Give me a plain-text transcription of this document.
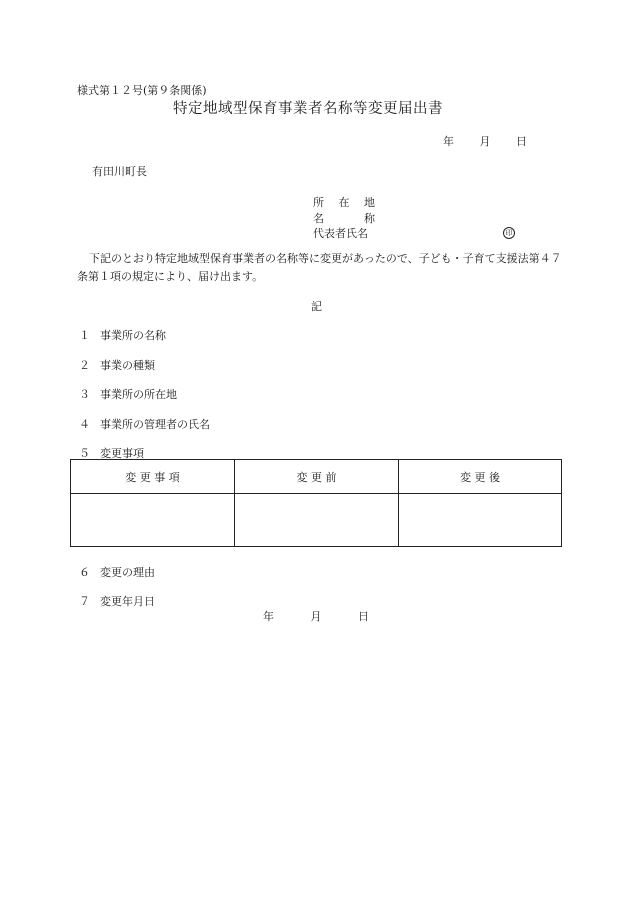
様式第１２号(第９条関係)
特定地域型保育事業者名称等変更届出書
年 月 日
有田川町長
所 在 地
名	称
代表者氏名	印
下記のとおり特定地域型保育事業者の名称等に変更があったので、子ども・子育て支援法第４７条第１項の規定により、届け出ます。
記
１ 事業所の名称
２ 事業の種類
３ 事業所の所在地
４ 事業所の管理者の氏名
５ 変更事項
変 更 事 項	変 更 前	変 更 後

６ 変更の理由
７ 変更年月日
年	月	日
